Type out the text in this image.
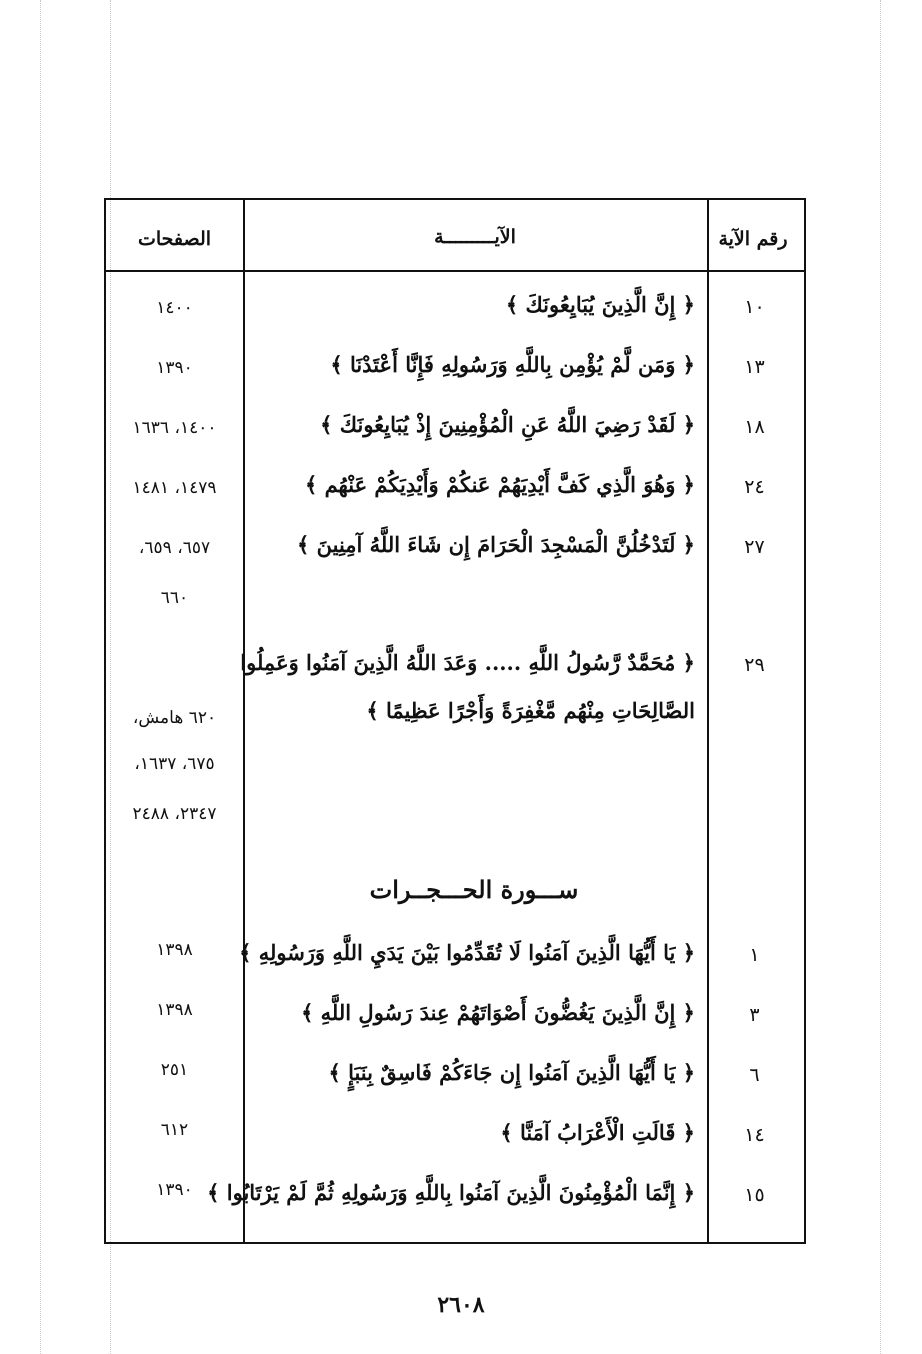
رقم الآية
الآيـــــــــة
الصفحات
١٠
﴿ إِنَّ الَّذِينَ يُبَايِعُونَكَ ﴾
١٤٠٠
١٣
﴿ وَمَن لَّمْ يُؤْمِن بِاللَّهِ وَرَسُولِهِ فَإِنَّا أَعْتَدْنَا ﴾
١٣٩٠
١٨
﴿ لَقَدْ رَضِيَ اللَّهُ عَنِ الْمُؤْمِنِينَ إِذْ يُبَايِعُونَكَ ﴾
١٤٠٠، ١٦٣٦
٢٤
﴿ وَهُوَ الَّذِي كَفَّ أَيْدِيَهُمْ عَنكُمْ وَأَيْدِيَكُمْ عَنْهُم ﴾
١٤٧٩، ١٤٨١
٢٧
﴿ لَتَدْخُلُنَّ الْمَسْجِدَ الْحَرَامَ إِن شَاءَ اللَّهُ آمِنِينَ ﴾
٦٥٧، ٦٥٩،
٦٦٠
٢٩
﴿ مُحَمَّدٌ رَّسُولُ اللَّهِ ..... وَعَدَ اللَّهُ الَّذِينَ آمَنُوا وَعَمِلُوا
الصَّالِحَاتِ مِنْهُم مَّغْفِرَةً وَأَجْرًا عَظِيمًا ﴾
٦٢٠ هامش،
٦٧٥، ١٦٣٧،
٢٣٤٧، ٢٤٨٨
١
﴿ يَا أَيُّهَا الَّذِينَ آمَنُوا لَا تُقَدِّمُوا بَيْنَ يَدَيِ اللَّهِ وَرَسُولِهِ ﴾
١٣٩٨
٣
﴿ إِنَّ الَّذِينَ يَغُضُّونَ أَصْوَاتَهُمْ عِندَ رَسُولِ اللَّهِ ﴾
١٣٩٨
٦
﴿ يَا أَيُّهَا الَّذِينَ آمَنُوا إِن جَاءَكُمْ فَاسِقٌ بِنَبَإٍ ﴾
٢٥١
١٤
﴿ قَالَتِ الْأَعْرَابُ آمَنَّا ﴾
٦١٢
١٥
﴿ إِنَّمَا الْمُؤْمِنُونَ الَّذِينَ آمَنُوا بِاللَّهِ وَرَسُولِهِ ثُمَّ لَمْ يَرْتَابُوا ﴾
١٣٩٠
ســـورة الحـــجــرات
٢٦٠٨
